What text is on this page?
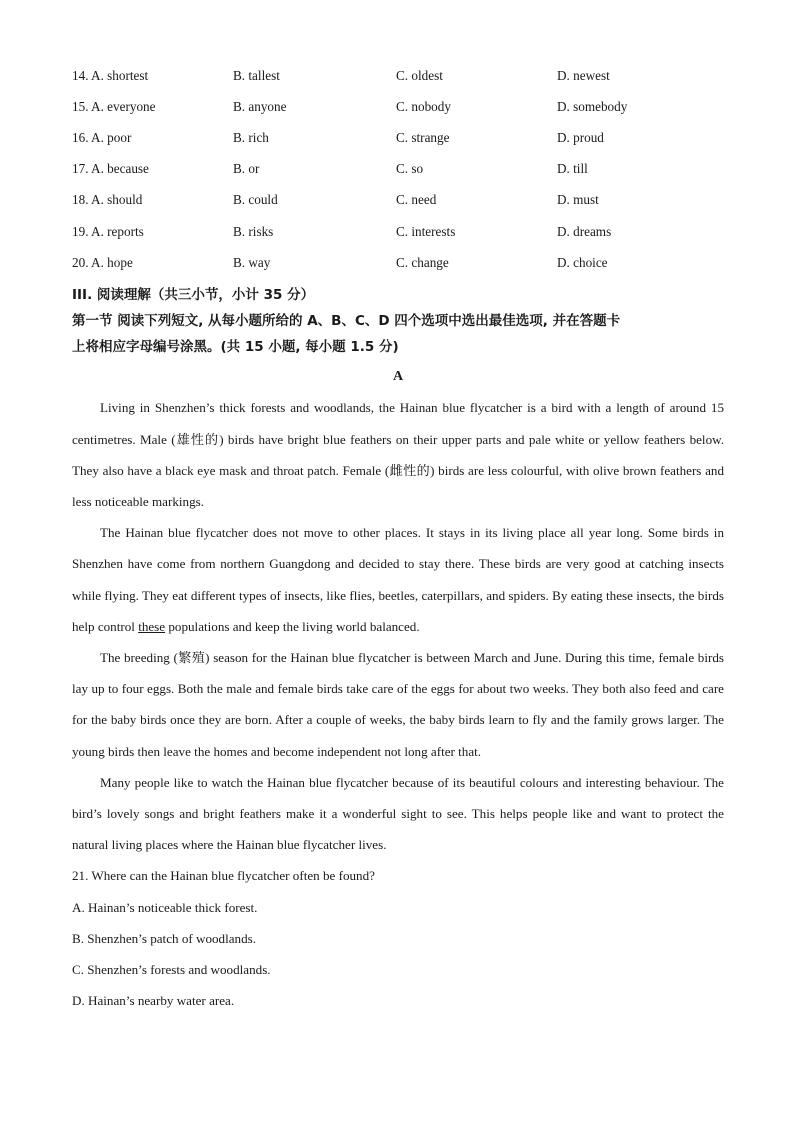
14. A. shortest	B. tallest	C. oldest	D. newest
15. A. everyone	B. anyone	C. nobody	D. somebody
16. A. poor	B. rich	C. strange	D. proud
17. A. because	B. or	C. so	D. till
18. A. should	B. could	C. need	D. must
19. A. reports	B. risks	C. interests	D. dreams
20. A. hope	B. way	C. change	D. choice
III. 阅读理解（共三小节，小计 35 分）
第一节 阅读下列短文, 从每小题所给的 A、B、C、D 四个选项中选出最佳选项, 并在答题卡
上将相应字母编号涂黑。(共 15 小题, 每小题 1.5 分)
A

Living in Shenzhen’s thick forests and woodlands, the Hainan blue flycatcher is a bird with a length of around 15 centimetres. Male (雄性的) birds have bright blue feathers on their upper parts and pale white or yellow feathers below. They also have a black eye mask and throat patch. Female (雌性的) birds are less colourful, with olive brown feathers and less noticeable markings.

The Hainan blue flycatcher does not move to other places. It stays in its living place all year long. Some birds in Shenzhen have come from northern Guangdong and decided to stay there. These birds are very good at catching insects while flying. They eat different types of insects, like flies, beetles, caterpillars, and spiders. By eating these insects, the birds help control these populations and keep the living world balanced.

The breeding (繁殖) season for the Hainan blue flycatcher is between March and June. During this time, female birds lay up to four eggs. Both the male and female birds take care of the eggs for about two weeks. They both also feed and care for the baby birds once they are born. After a couple of weeks, the baby birds learn to fly and the family grows larger. The young birds then leave the homes and become independent not long after that.

Many people like to watch the Hainan blue flycatcher because of its beautiful colours and interesting behaviour. The bird’s lovely songs and bright feathers make it a wonderful sight to see. This helps people like and want to protect the natural living places where the Hainan blue flycatcher lives.

21. Where can the Hainan blue flycatcher often be found?

A. Hainan’s noticeable thick forest.

B. Shenzhen’s patch of woodlands.

C. Shenzhen’s forests and woodlands.

D. Hainan’s nearby water area.
